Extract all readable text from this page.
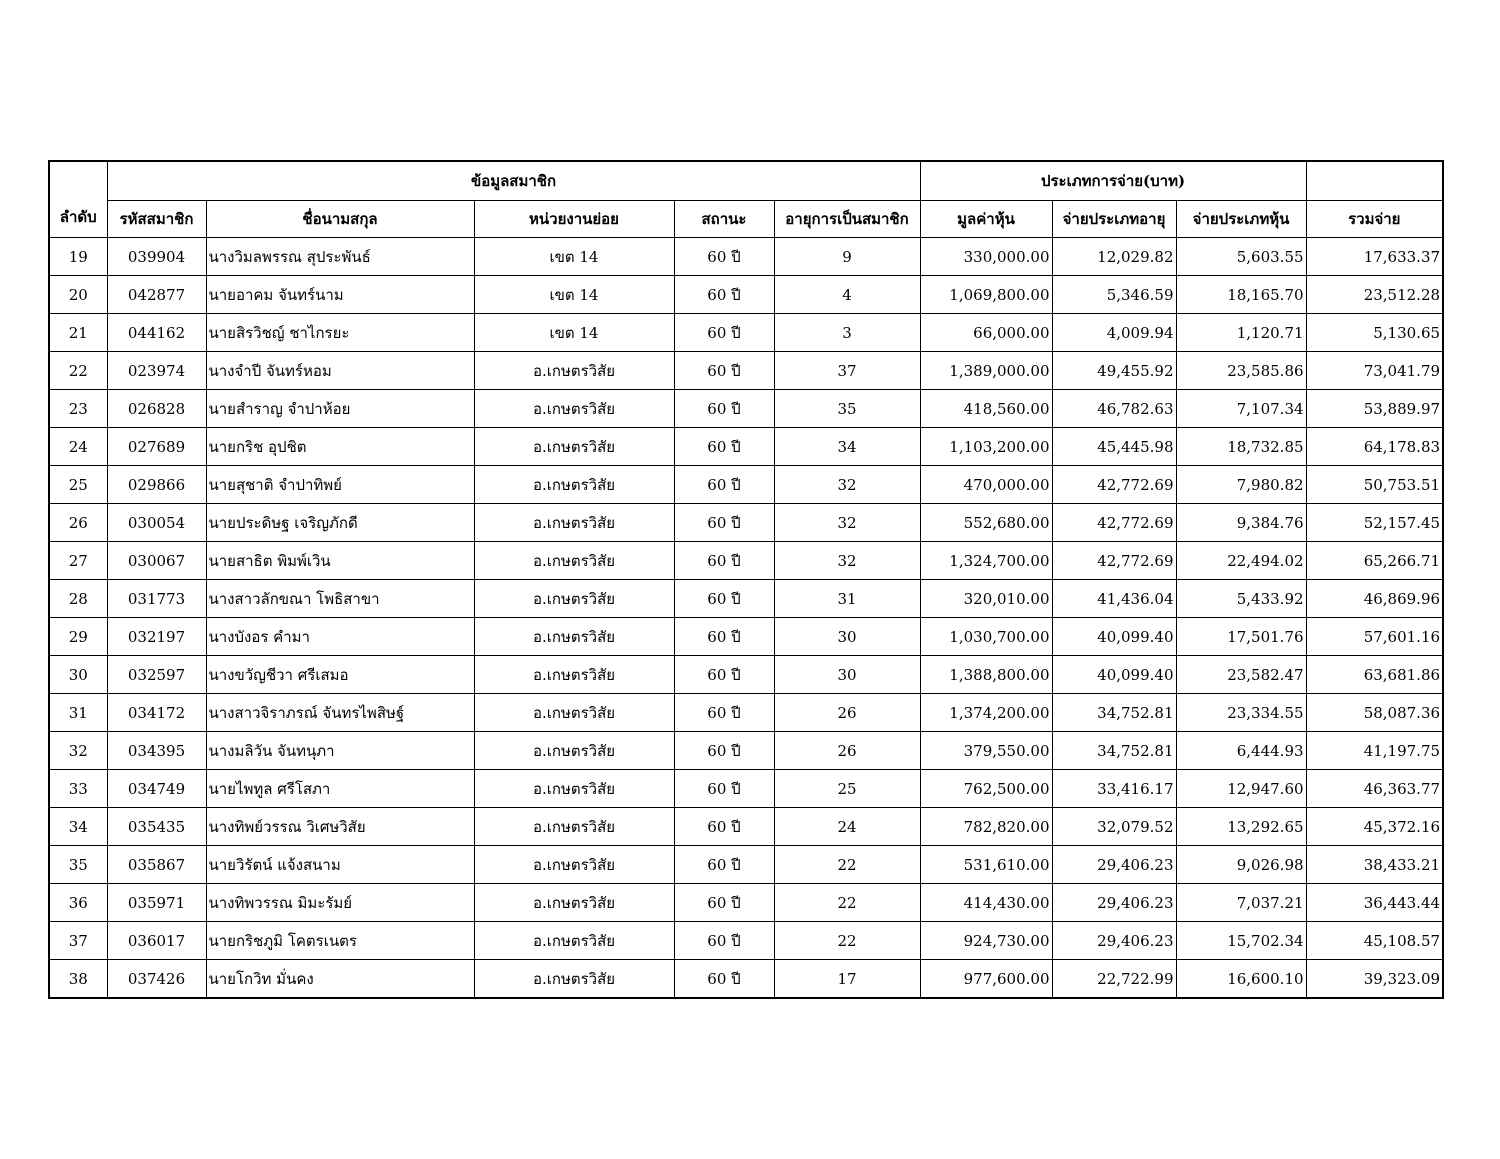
ลำดับ	ข้อมูลสมาชิก					ประเภทการจ่าย(บาท)			
	รหัสสมาชิก	ชื่อนามสกุล	หน่วยงานย่อย	สถานะ	อายุการเป็นสมาชิก	มูลค่าหุ้น	จ่ายประเภทอายุ	จ่ายประเภทหุ้น	รวมจ่าย
19	039904	นางวิมลพรรณ สุประพันธ์	เขต 14	60 ปี	9	330,000.00	12,029.82	5,603.55	17,633.37
20	042877	นายอาคม จันทร์นาม	เขต 14	60 ปี	4	1,069,800.00	5,346.59	18,165.70	23,512.28
21	044162	นายสิรวิชญ์ ชาไกรยะ	เขต 14	60 ปี	3	66,000.00	4,009.94	1,120.71	5,130.65
22	023974	นางจำปี จันทร์หอม	อ.เกษตรวิสัย	60 ปี	37	1,389,000.00	49,455.92	23,585.86	73,041.79
23	026828	นายสำราญ จำปาห้อย	อ.เกษตรวิสัย	60 ปี	35	418,560.00	46,782.63	7,107.34	53,889.97
24	027689	นายกริช อุปชิต	อ.เกษตรวิสัย	60 ปี	34	1,103,200.00	45,445.98	18,732.85	64,178.83
25	029866	นายสุชาติ จำปาทิพย์	อ.เกษตรวิสัย	60 ปี	32	470,000.00	42,772.69	7,980.82	50,753.51
26	030054	นายประดิษฐ เจริญภักดี	อ.เกษตรวิสัย	60 ปี	32	552,680.00	42,772.69	9,384.76	52,157.45
27	030067	นายสาธิต พิมพ์เวิน	อ.เกษตรวิสัย	60 ปี	32	1,324,700.00	42,772.69	22,494.02	65,266.71
28	031773	นางสาวลักขณา โพธิสาขา	อ.เกษตรวิสัย	60 ปี	31	320,010.00	41,436.04	5,433.92	46,869.96
29	032197	นางบังอร คำมา	อ.เกษตรวิสัย	60 ปี	30	1,030,700.00	40,099.40	17,501.76	57,601.16
30	032597	นางขวัญชีวา ศรีเสมอ	อ.เกษตรวิสัย	60 ปี	30	1,388,800.00	40,099.40	23,582.47	63,681.86
31	034172	นางสาวจิราภรณ์ จันทรไพสิษฐ์	อ.เกษตรวิสัย	60 ปี	26	1,374,200.00	34,752.81	23,334.55	58,087.36
32	034395	นางมลิวัน จันทนุภา	อ.เกษตรวิสัย	60 ปี	26	379,550.00	34,752.81	6,444.93	41,197.75
33	034749	นายไพทูล ศรีโสภา	อ.เกษตรวิสัย	60 ปี	25	762,500.00	33,416.17	12,947.60	46,363.77
34	035435	นางทิพย์วรรณ วิเศษวิสัย	อ.เกษตรวิสัย	60 ปี	24	782,820.00	32,079.52	13,292.65	45,372.16
35	035867	นายวิรัตน์ แจ้งสนาม	อ.เกษตรวิสัย	60 ปี	22	531,610.00	29,406.23	9,026.98	38,433.21
36	035971	นางทิพวรรณ มิมะรัมย์	อ.เกษตรวิสัย	60 ปี	22	414,430.00	29,406.23	7,037.21	36,443.44
37	036017	นายกริชภูมิ โคตรเนตร	อ.เกษตรวิสัย	60 ปี	22	924,730.00	29,406.23	15,702.34	45,108.57
38	037426	นายโกวิท มั่นคง	อ.เกษตรวิสัย	60 ปี	17	977,600.00	22,722.99	16,600.10	39,323.09
